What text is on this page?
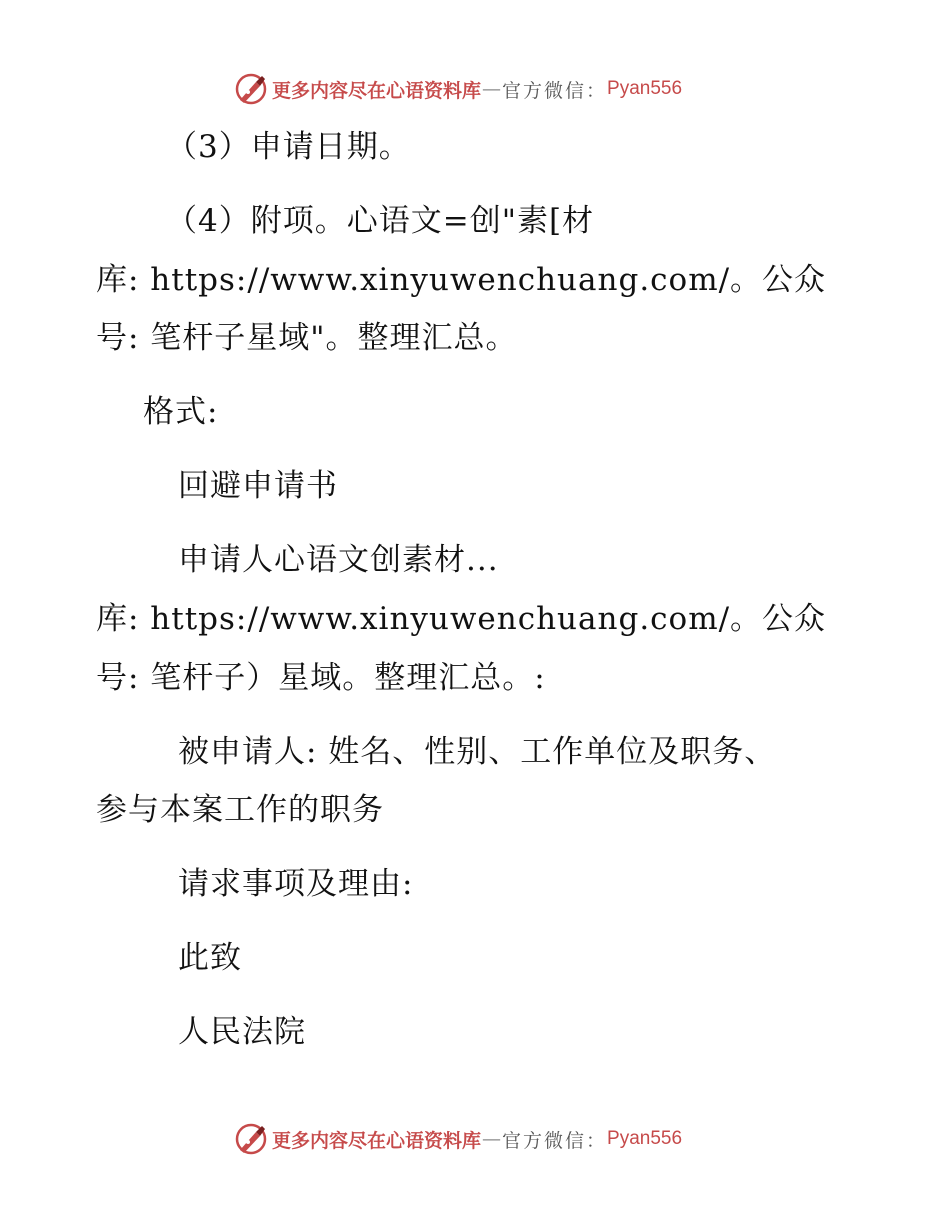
更多内容尽在心语资料库 — 官方微信： Pyan556
（3）申请日期。
（4）附项。心语文=创"素[材
库: https://www.xinyuwenchuang.com/。公众
号: 笔杆子星域"。整理汇总。
格式:
回避申请书
申请人心语文创素材...
库: https://www.xinyuwenchuang.com/。公众
号: 笔杆子）星域。整理汇总。:
被申请人: 姓名、性别、工作单位及职务、
参与本案工作的职务
请求事项及理由:
此致
人民法院
更多内容尽在心语资料库 — 官方微信： Pyan556
